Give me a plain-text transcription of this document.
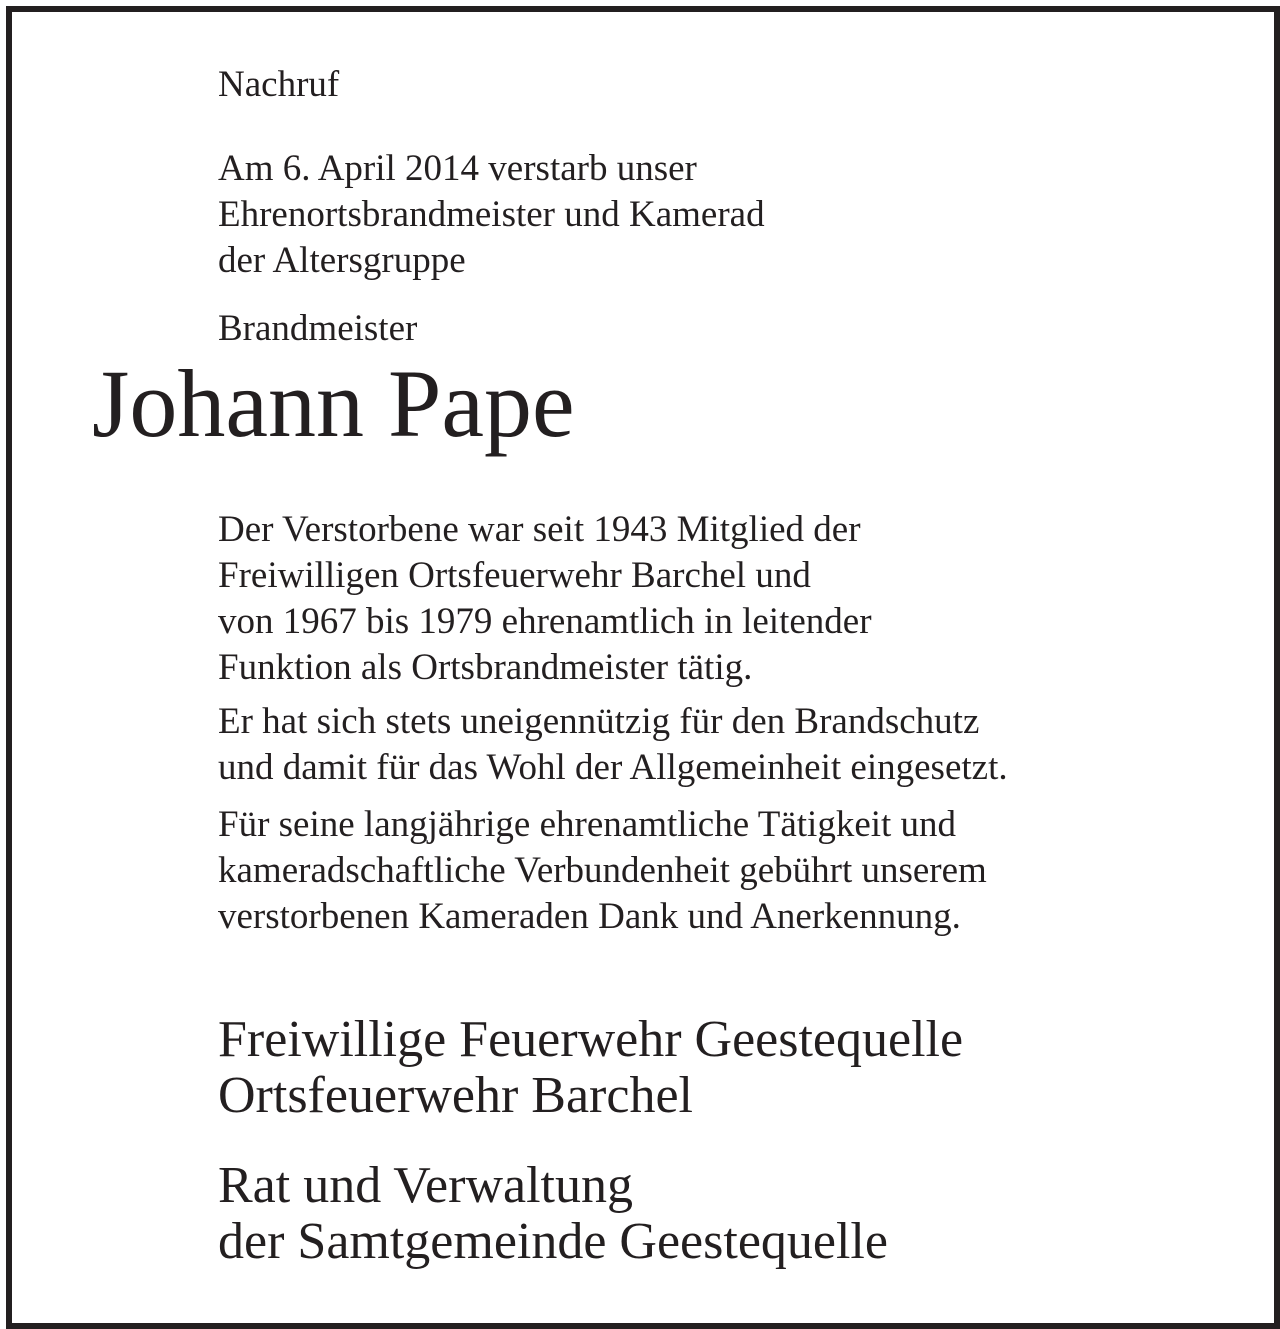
Nachruf

Am 6. April 2014 verstarb unser

Ehrenortsbrandmeister und Kamerad

der Altersgruppe

Brandmeister

Johann Pape

Der Verstorbene war seit 1943 Mitglied der

Freiwilligen Ortsfeuerwehr Barchel und

von 1967 bis 1979 ehrenamtlich in leitender

Funktion als Ortsbrandmeister tätig.

Er hat sich stets uneigennützig für den Brandschutz

und damit für das Wohl der Allgemeinheit eingesetzt.

Für seine langjährige ehrenamtliche Tätigkeit und

kameradschaftliche Verbundenheit gebührt unserem

verstorbenen Kameraden Dank und Anerkennung.

Freiwillige Feuerwehr Geestequelle

Ortsfeuerwehr Barchel

Rat und Verwaltung

der Samtgemeinde Geestequelle
